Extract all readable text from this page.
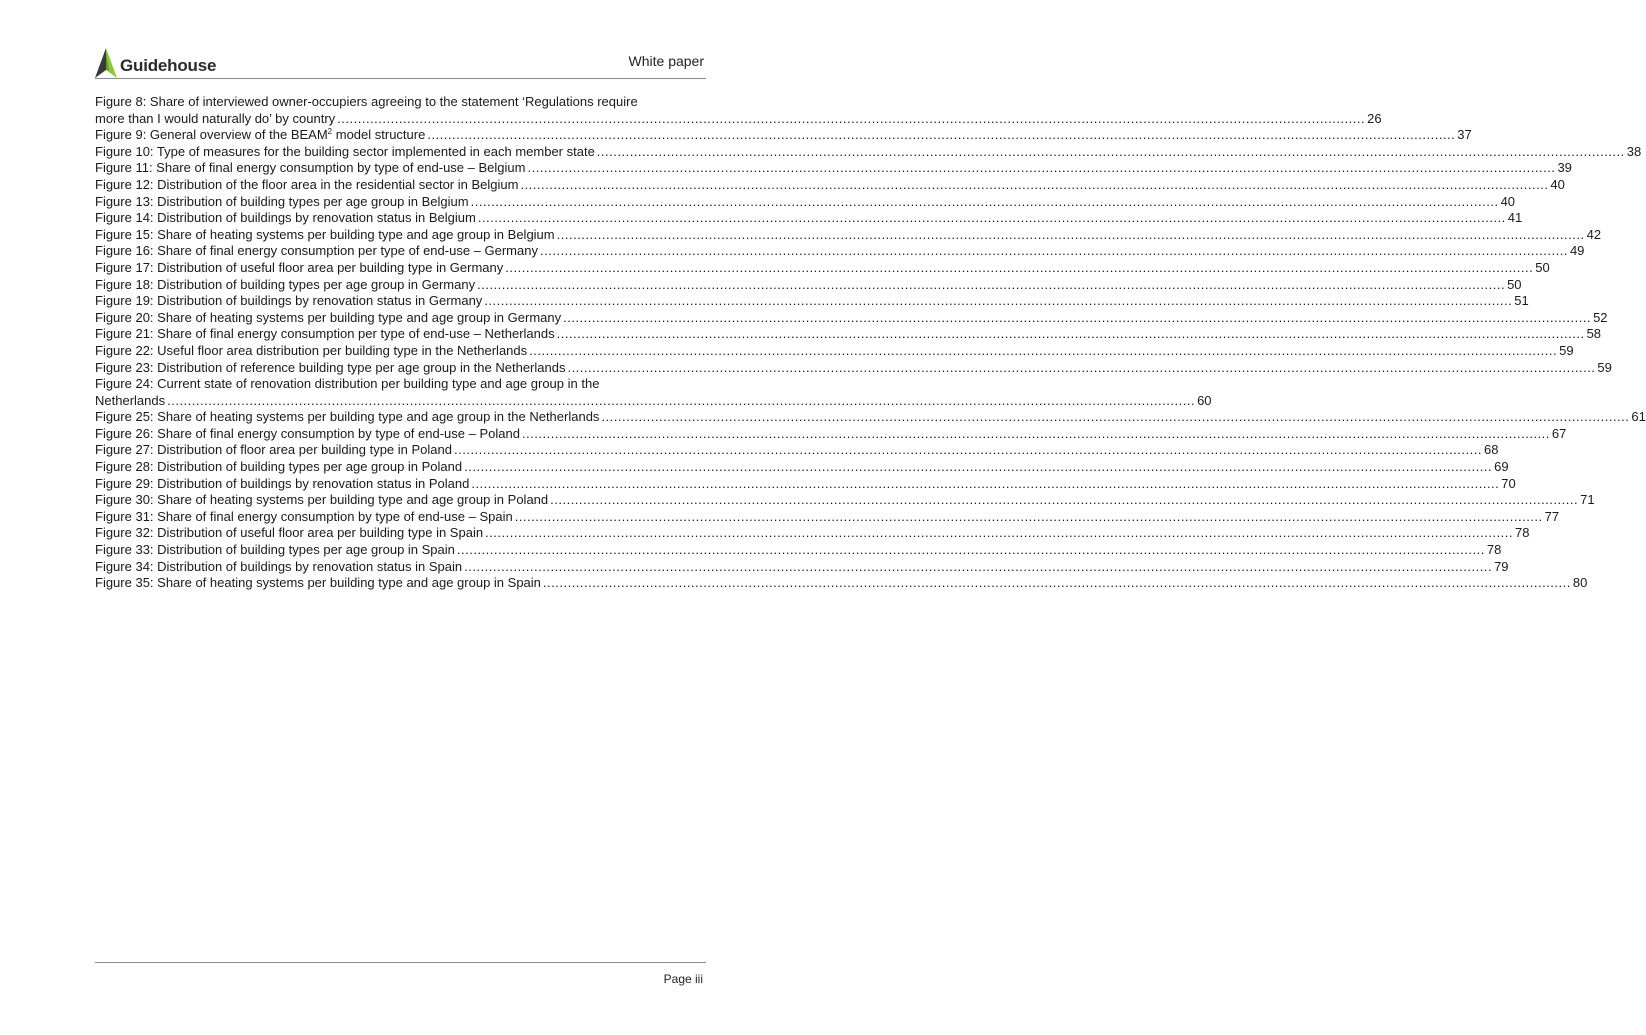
Guidehouse	White paper
Figure 8: Share of interviewed owner-occupiers agreeing to the statement ‘Regulations require
more than I would naturally do’ by country .....	26
Figure 9: General overview of the BEAM$^2$ model structure .....	37
Figure 10: Type of measures for the building sector implemented in each member state .....	38
Figure 11: Share of final energy consumption by type of end-use – Belgium .....	39
Figure 12: Distribution of the floor area in the residential sector in Belgium .....	40
Figure 13: Distribution of building types per age group in Belgium .....	40
Figure 14: Distribution of buildings by renovation status in Belgium .....	41
Figure 15: Share of heating systems per building type and age group in Belgium .....	42
Figure 16: Share of final energy consumption per type of end-use – Germany .....	49
Figure 17: Distribution of useful floor area per building type in Germany .....	50
Figure 18: Distribution of building types per age group in Germany .....	50
Figure 19: Distribution of buildings by renovation status in Germany .....	51
Figure 20: Share of heating systems per building type and age group in Germany .....	52
Figure 21: Share of final energy consumption per type of end-use – Netherlands .....	58
Figure 22: Useful floor area distribution per building type in the Netherlands .....	59
Figure 23: Distribution of reference building type per age group in the Netherlands .....	59
Figure 24: Current state of renovation distribution per building type and age group in the
Netherlands .....	60
Figure 25: Share of heating systems per building type and age group in the Netherlands .....	61
Figure 26: Share of final energy consumption by type of end-use – Poland .....	67
Figure 27: Distribution of floor area per building type in Poland .....	68
Figure 28: Distribution of building types per age group in Poland .....	69
Figure 29: Distribution of buildings by renovation status in Poland .....	70
Figure 30: Share of heating systems per building type and age group in Poland .....	71
Figure 31: Share of final energy consumption by type of end-use – Spain .....	77
Figure 32: Distribution of useful floor area per building type in Spain .....	78
Figure 33: Distribution of building types per age group in Spain .....	78
Figure 34: Distribution of buildings by renovation status in Spain .....	79
Figure 35: Share of heating systems per building type and age group in Spain .....	80
Page iii
